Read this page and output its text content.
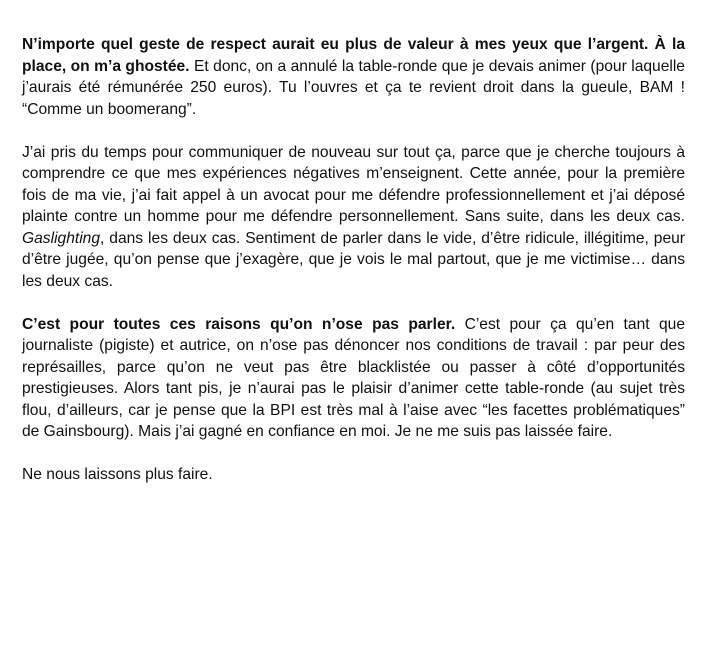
N’importe quel geste de respect aurait eu plus de valeur à mes yeux que l’argent. À la place, on m’a ghostée. Et donc, on a annulé la table-ronde que je devais animer (pour laquelle j’aurais été rémunérée 250 euros). Tu l’ouvres et ça te revient droit dans la gueule, BAM ! “Comme un boomerang”.

J’ai pris du temps pour communiquer de nouveau sur tout ça, parce que je cherche toujours à comprendre ce que mes expériences négatives m’enseignent. Cette année, pour la première fois de ma vie, j’ai fait appel à un avocat pour me défendre professionnellement et j’ai déposé plainte contre un homme pour me défendre personnellement. Sans suite, dans les deux cas. Gaslighting, dans les deux cas. Sentiment de parler dans le vide, d’être ridicule, illégitime, peur d’être jugée, qu’on pense que j’exagère, que je vois le mal partout, que je me victimise… dans les deux cas.

C’est pour toutes ces raisons qu’on n’ose pas parler. C’est pour ça qu’en tant que journaliste (pigiste) et autrice, on n’ose pas dénoncer nos conditions de travail : par peur des représailles, parce qu’on ne veut pas être blacklistée ou passer à côté d’opportunités prestigieuses. Alors tant pis, je n’aurai pas le plaisir d’animer cette table-ronde (au sujet très flou, d’ailleurs, car je pense que la BPI est très mal à l’aise avec “les facettes problématiques” de Gainsbourg). Mais j’ai gagné en confiance en moi. Je ne me suis pas laissée faire.

Ne nous laissons plus faire.
